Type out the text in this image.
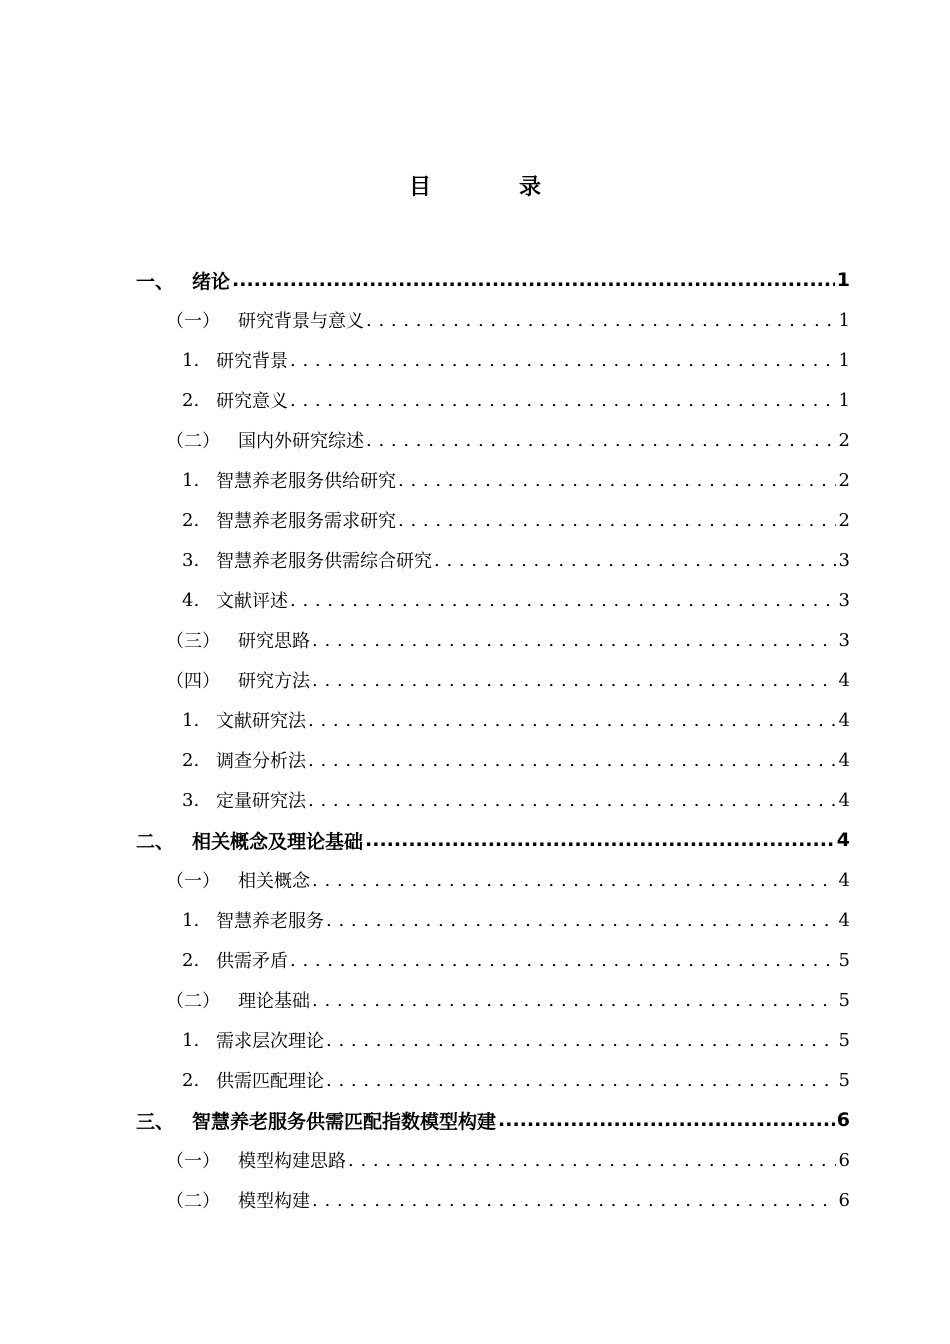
目	录
一、 绪论 .....	1
（一）	研究背景与意义 . . .	1
1. 研究背景 . . .	1
2. 研究意义 . . .	1
（二）	国内外研究综述 . . .	2
1. 智慧养老服务供给研究 . . .	2
2. 智慧养老服务需求研究 . . .	2
3. 智慧养老服务供需综合研究 . . .	3
4. 文献评述 . . .	3
（三）	研究思路 . . .	3
（四）	研究方法 . . .	4
1. 文献研究法 . . .	4
2. 调查分析法 . . .	4
3. 定量研究法 . . .	4
二、 相关概念及理论基础 .....	4
（一）	相关概念 . . .	4
1. 智慧养老服务 . . .	4
2. 供需矛盾 . . .	5
（二）	理论基础 . . .	5
1. 需求层次理论 . . .	5
2. 供需匹配理论 . . .	5
三、 智慧养老服务供需匹配指数模型构建 .....	6
（一）	模型构建思路 . . .	6
（二）	模型构建 . . .	6
